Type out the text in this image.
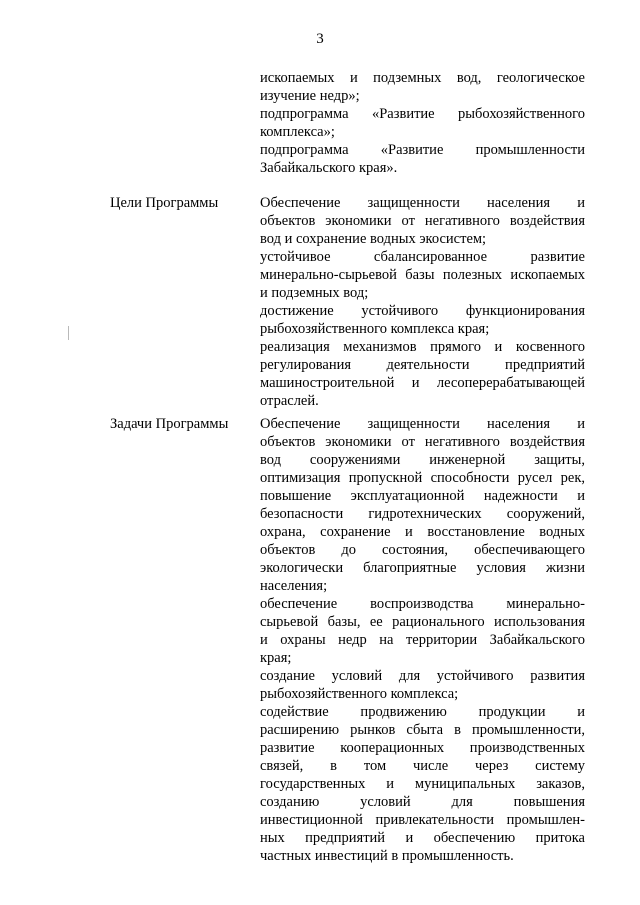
3
ископаемых и подземных вод, геологическое
изучение недр»;
подпрограмма «Развитие рыбохозяйственного
комплекса»;
подпрограмма «Развитие промышленности
Забайкальского края».
Цели Программы	Обеспечение защищенности населения и
объектов экономики от негативного воздействия
вод и сохранение водных экосистем;
устойчивое сбалансированное развитие
минерально-сырьевой базы полезных ископаемых
и подземных вод;
достижение устойчивого функционирования
рыбохозяйственного комплекса края;
реализация механизмов прямого и косвенного
регулирования деятельности предприятий
машиностроительной и лесоперерабатывающей
отраслей.
Задачи Программы	Обеспечение защищенности населения и
объектов экономики от негативного воздействия
вод сооружениями инженерной защиты,
оптимизация пропускной способности русел рек,
повышение эксплуатационной надежности и
безопасности гидротехнических сооружений,
охрана, сохранение и восстановление водных
объектов до состояния, обеспечивающего
экологически благоприятные условия жизни
населения;
обеспечение воспроизводства минерально-
сырьевой базы, ее рационального использования
и охраны недр на территории Забайкальского
края;
создание условий для устойчивого развития
рыбохозяйственного комплекса;
содействие продвижению продукции и
расширению рынков сбыта в промышленности,
развитие кооперационных производственных
связей, в том числе через систему
государственных и муниципальных заказов,
созданию условий для повышения
инвестиционной привлекательности промышлен-
ных предприятий и обеспечению притока
частных инвестиций в промышленность.
